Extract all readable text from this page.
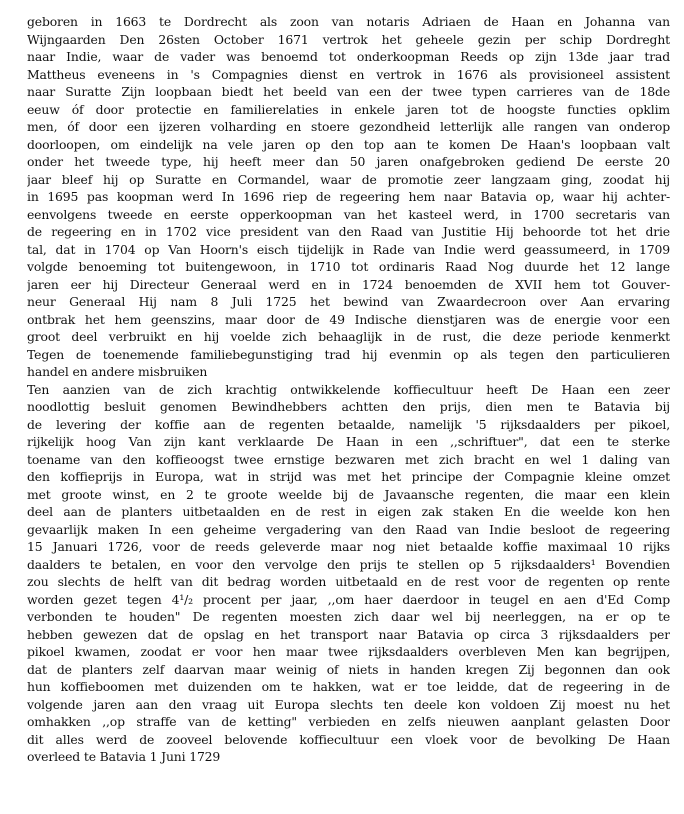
geboren in 1663 te Dordrecht als zoon van notaris Adriaen de Haan en Johanna van
Wijngaarden Den 26sten October 1671 vertrok het geheele gezin per schip Dordreght
naar Indie, waar de vader was benoemd tot onderkoopman Reeds op zijn 13de jaar trad
Mattheus eveneens in 's Compagnies dienst en vertrok in 1676 als provisioneel assistent
naar Suratte Zijn loopbaan biedt het beeld van een der twee typen carrieres van de 18de
eeuw óf door protectie en familierelaties in enkele jaren tot de hoogste functies opklim
men, óf door een ijzeren volharding en stoere gezondheid letterlijk alle rangen van onderop
doorloopen, om eindelijk na vele jaren op den top aan te komen De Haan's loopbaan valt
onder het tweede type, hij heeft meer dan 50 jaren onafgebroken gediend De eerste 20
jaar bleef hij op Suratte en Cormandel, waar de promotie zeer langzaam ging, zoodat hij
in 1695 pas koopman werd In 1696 riep de regeering hem naar Batavia op, waar hij achter-
eenvolgens tweede en eerste opperkoopman van het kasteel werd, in 1700 secretaris van
de regeering en in 1702 vice president van den Raad van Justitie Hij behoorde tot het drie
tal, dat in 1704 op Van Hoorn's eisch tijdelijk in Rade van Indie werd geassumeerd, in 1709
volgde benoeming tot buitengewoon, in 1710 tot ordinaris Raad Nog duurde het 12 lange
jaren eer hij Directeur Generaal werd en in 1724 benoemden de XVII hem tot Gouver-
neur Generaal Hij nam 8 Juli 1725 het bewind van Zwaardecroon over Aan ervaring
ontbrak het hem geenszins, maar door de 49 Indische dienstjaren was de energie voor een
groot deel verbruikt en hij voelde zich behaaglijk in de rust, die deze periode kenmerkt
Tegen de toenemende familiebegunstiging trad hij evenmin op als tegen den particulieren
handel en andere misbruiken
Ten aanzien van de zich krachtig ontwikkelende koffiecultuur heeft De Haan een zeer
noodlottig besluit genomen Bewindhebbers achtten den prijs, dien men te Batavia bij
de levering der koffie aan de regenten betaalde, namelijk '5 rijksdaalders per pikoel,
rijkelijk hoog Van zijn kant verklaarde De Haan in een ,,schriftuer", dat een te sterke
toename van den koffieoogst twee ernstige bezwaren met zich bracht en wel 1 daling van
den koffieprijs in Europa, wat in strijd was met het principe der Compagnie kleine omzet
met groote winst, en 2 te groote weelde bij de Javaansche regenten, die maar een klein
deel aan de planters uitbetaalden en de rest in eigen zak staken En die weelde kon hen
gevaarlijk maken In een geheime vergadering van den Raad van Indie besloot de regeering
15 Januari 1726, voor de reeds geleverde maar nog niet betaalde koffie maximaal 10 rijks
daalders te betalen, en voor den vervolge den prijs te stellen op 5 rijksdaalders¹ Bovendien
zou slechts de helft van dit bedrag worden uitbetaald en de rest voor de regenten op rente
worden gezet tegen 4¹/₂ procent per jaar, ,,om haer daerdoor in teugel en aen d'Ed Comp
verbonden te houden" De regenten moesten zich daar wel bij neerleggen, na er op te
hebben gewezen dat de opslag en het transport naar Batavia op circa 3 rijksdaalders per
pikoel kwamen, zoodat er voor hen maar twee rijksdaalders overbleven Men kan begrijpen,
dat de planters zelf daarvan maar weinig of niets in handen kregen Zij begonnen dan ook
hun koffieboomen met duizenden om te hakken, wat er toe leidde, dat de regeering in de
volgende jaren aan den vraag uit Europa slechts ten deele kon voldoen Zij moest nu het
omhakken ,,op straffe van de ketting" verbieden en zelfs nieuwen aanplant gelasten Door
dit alles werd de zooveel belovende koffiecultuur een vloek voor de bevolking De Haan
overleed te Batavia 1 Juni 1729
